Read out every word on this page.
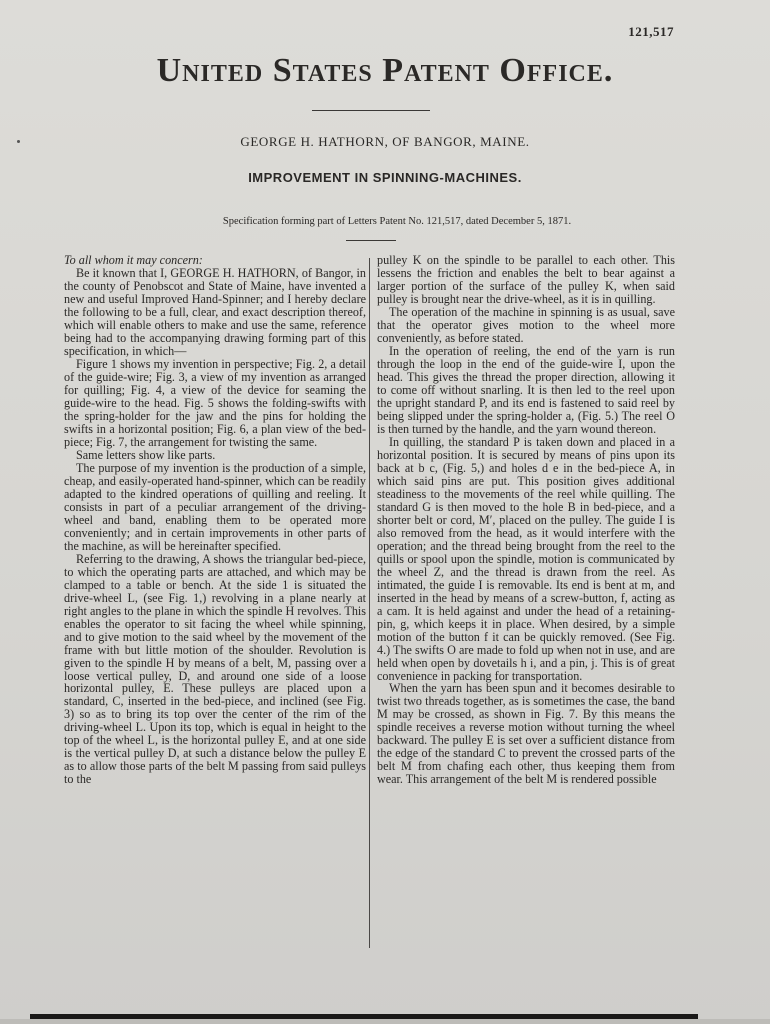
121,517
United States Patent Office.
GEORGE H. HATHORN, OF BANGOR, MAINE.
IMPROVEMENT IN SPINNING-MACHINES.
Specification forming part of Letters Patent No. 121,517, dated December 5, 1871.

To all whom it may concern:

Be it known that I, GEORGE H. HATHORN, of Bangor, in the county of Penobscot and State of Maine, have invented a new and useful Improved Hand-Spinner; and I hereby declare the following to be a full, clear, and exact description thereof, which will enable others to make and use the same, reference being had to the accompanying drawing forming part of this specification, in which—

Figure 1 shows my invention in perspective; Fig. 2, a detail of the guide-wire; Fig. 3, a view of my invention as arranged for quilling; Fig. 4, a view of the device for seaming the guide-wire to the head. Fig. 5 shows the folding-swifts with the spring-holder for the jaw and the pins for holding the swifts in a horizontal position; Fig. 6, a plan view of the bed-piece; Fig. 7, the arrangement for twisting the same.

Same letters show like parts.

The purpose of my invention is the production of a simple, cheap, and easily-operated hand-spinner, which can be readily adapted to the kindred operations of quilling and reeling. It consists in part of a peculiar arrangement of the driving-wheel and band, enabling them to be operated more conveniently; and in certain improvements in other parts of the machine, as will be hereinafter specified.

Referring to the drawing, A shows the triangular bed-piece, to which the operating parts are attached, and which may be clamped to a table or bench. At the side 1 is situated the drive-wheel L, (see Fig. 1,) revolving in a plane nearly at right angles to the plane in which the spindle H revolves. This enables the operator to sit facing the wheel while spinning, and to give motion to the said wheel by the movement of the frame with but little motion of the shoulder. Revolution is given to the spindle H by means of a belt, M, passing over a loose vertical pulley, D, and around one side of a loose horizontal pulley, E. These pulleys are placed upon a standard, C, inserted in the bed-piece, and inclined (see Fig. 3) so as to bring its top over the center of the rim of the driving-wheel L. Upon its top, which is equal in height to the top of the wheel L, is the horizontal pulley E, and at one side is the vertical pulley D, at such a distance below the pulley E as to allow those parts of the belt M passing from said pulleys to the

pulley K on the spindle to be parallel to each other. This lessens the friction and enables the belt to bear against a larger portion of the surface of the pulley K, when said pulley is brought near the drive-wheel, as it is in quilling.

The operation of the machine in spinning is as usual, save that the operator gives motion to the wheel more conveniently, as before stated.

In the operation of reeling, the end of the yarn is run through the loop in the end of the guide-wire I, upon the head. This gives the thread the proper direction, allowing it to come off without snarling. It is then led to the reel upon the upright standard P, and its end is fastened to said reel by being slipped under the spring-holder a, (Fig. 5.) The reel O is then turned by the handle, and the yarn wound thereon.

In quilling, the standard P is taken down and placed in a horizontal position. It is secured by means of pins upon its back at b c, (Fig. 5,) and holes d e in the bed-piece A, in which said pins are put. This position gives additional steadiness to the movements of the reel while quilling. The standard G is then moved to the hole B in bed-piece, and a shorter belt or cord, M′, placed on the pulley. The guide I is also removed from the head, as it would interfere with the operation; and the thread being brought from the reel to the quills or spool upon the spindle, motion is communicated by the wheel Z, and the thread is drawn from the reel. As intimated, the guide I is removable. Its end is bent at m, and inserted in the head by means of a screw-button, f, acting as a cam. It is held against and under the head of a retaining-pin, g, which keeps it in place. When desired, by a simple motion of the button f it can be quickly removed. (See Fig. 4.) The swifts O are made to fold up when not in use, and are held when open by dovetails h i, and a pin, j. This is of great convenience in packing for transportation.

When the yarn has been spun and it becomes desirable to twist two threads together, as is sometimes the case, the band M may be crossed, as shown in Fig. 7. By this means the spindle receives a reverse motion without turning the wheel backward. The pulley E is set over a sufficient distance from the edge of the standard C to prevent the crossed parts of the belt M from chafing each other, thus keeping them from wear. This arrangement of the belt M is rendered possible
